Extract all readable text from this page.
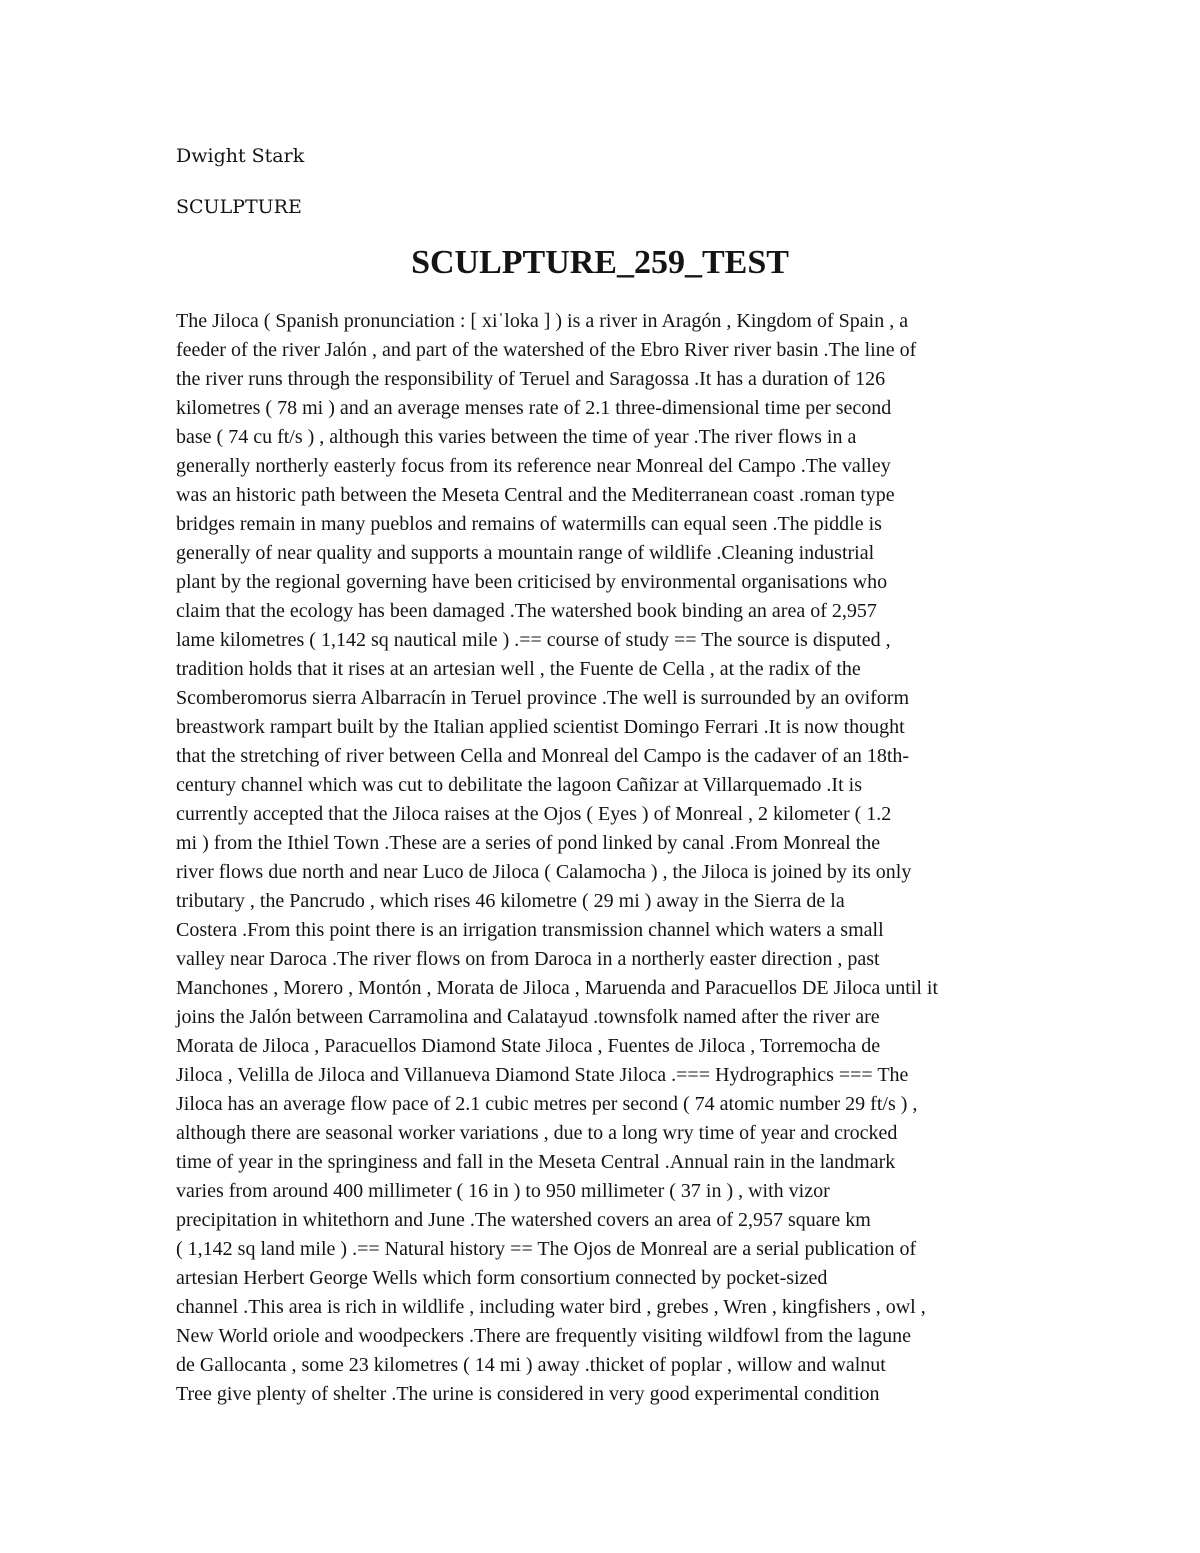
Dwight Stark

SCULPTURE

SCULPTURE_259_TEST
The Jiloca ( Spanish pronunciation : [ xiˈloka ] ) is a river in Aragón , Kingdom of Spain , a
feeder of the river Jalón , and part of the watershed of the Ebro River river basin .The line of
the river runs through the responsibility of Teruel and Saragossa .It has a duration of 126
kilometres ( 78 mi ) and an average menses rate of 2.1 three-dimensional time per second
base ( 74 cu ft/s ) , although this varies between the time of year .The river flows in a
generally northerly easterly focus from its reference near Monreal del Campo .The valley
was an historic path between the Meseta Central and the Mediterranean coast .roman type
bridges remain in many pueblos and remains of watermills can equal seen .The piddle is
generally of near quality and supports a mountain range of wildlife .Cleaning industrial
plant by the regional governing have been criticised by environmental organisations who
claim that the ecology has been damaged .The watershed book binding an area of 2,957
lame kilometres ( 1,142 sq nautical mile ) .== course of study == The source is disputed ,
tradition holds that it rises at an artesian well , the Fuente de Cella , at the radix of the
Scomberomorus sierra Albarracín in Teruel province .The well is surrounded by an oviform
breastwork rampart built by the Italian applied scientist Domingo Ferrari .It is now thought
that the stretching of river between Cella and Monreal del Campo is the cadaver of an 18th-
century channel which was cut to debilitate the lagoon Cañizar at Villarquemado .It is
currently accepted that the Jiloca raises at the Ojos ( Eyes ) of Monreal , 2 kilometer ( 1.2
mi ) from the Ithiel Town .These are a series of pond linked by canal .From Monreal the
river flows due north and near Luco de Jiloca ( Calamocha ) , the Jiloca is joined by its only
tributary , the Pancrudo , which rises 46 kilometre ( 29 mi ) away in the Sierra de la
Costera .From this point there is an irrigation transmission channel which waters a small
valley near Daroca .The river flows on from Daroca in a northerly easter direction , past
Manchones , Morero , Montón , Morata de Jiloca , Maruenda and Paracuellos DE Jiloca until it
joins the Jalón between Carramolina and Calatayud .townsfolk named after the river are
Morata de Jiloca , Paracuellos Diamond State Jiloca , Fuentes de Jiloca , Torremocha de
Jiloca , Velilla de Jiloca and Villanueva Diamond State Jiloca .=== Hydrographics === The
Jiloca has an average flow pace of 2.1 cubic metres per second ( 74 atomic number 29 ft/s ) ,
although there are seasonal worker variations , due to a long wry time of year and crocked
time of year in the springiness and fall in the Meseta Central .Annual rain in the landmark
varies from around 400 millimeter ( 16 in ) to 950 millimeter ( 37 in ) , with vizor
precipitation in whitethorn and June .The watershed covers an area of 2,957 square km
( 1,142 sq land mile ) .== Natural history == The Ojos de Monreal are a serial publication of
artesian Herbert George Wells which form consortium connected by pocket-sized
channel .This area is rich in wildlife , including water bird , grebes , Wren , kingfishers , owl ,
New World oriole and woodpeckers .There are frequently visiting wildfowl from the lagune
de Gallocanta , some 23 kilometres ( 14 mi ) away .thicket of poplar , willow and walnut
Tree give plenty of shelter .The urine is considered in very good experimental condition
